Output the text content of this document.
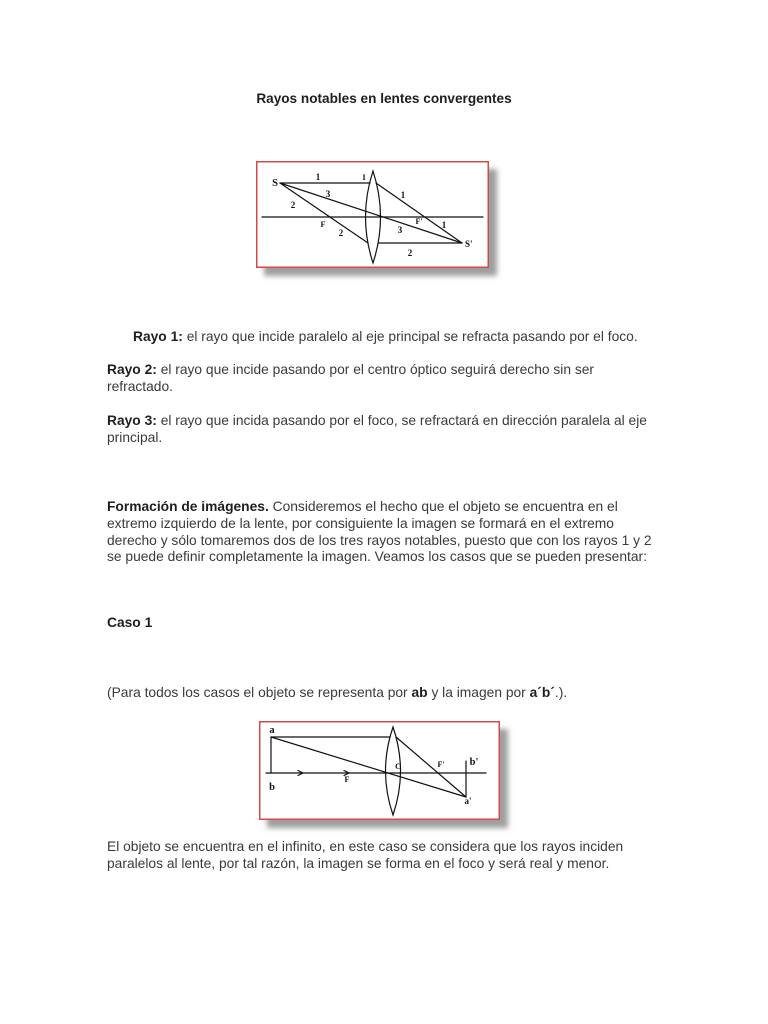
Rayos notables en lentes convergentes
S
I
1
1
1
3
3
2
2
2
F	F'
S'

Rayo 1: el rayo que incide paralelo al eje principal se refracta pasando por el foco.

Rayo 2: el rayo que incide pasando por el centro óptico seguirá derecho sin ser
refractado.

Rayo 3: el rayo que incida pasando por el foco, se refractará en dirección paralela al eje
principal.

Formación de imágenes. Consideremos el hecho que el objeto se encuentra en el
extremo izquierdo de la lente, por consiguiente la imagen se formará en el extremo
derecho y sólo tomaremos dos de los tres rayos notables, puesto que con los rayos 1 y 2
se puede definir completamente la imagen. Veamos los casos que se pueden presentar:

Caso 1

(Para todos los casos el objeto se representa por ab y la imagen por a´b´.).

a
b
F
C	F' b'
a'

El objeto se encuentra en el infinito, en este caso se considera que los rayos inciden
paralelos al lente, por tal razón, la imagen se forma en el foco y será real y menor.
